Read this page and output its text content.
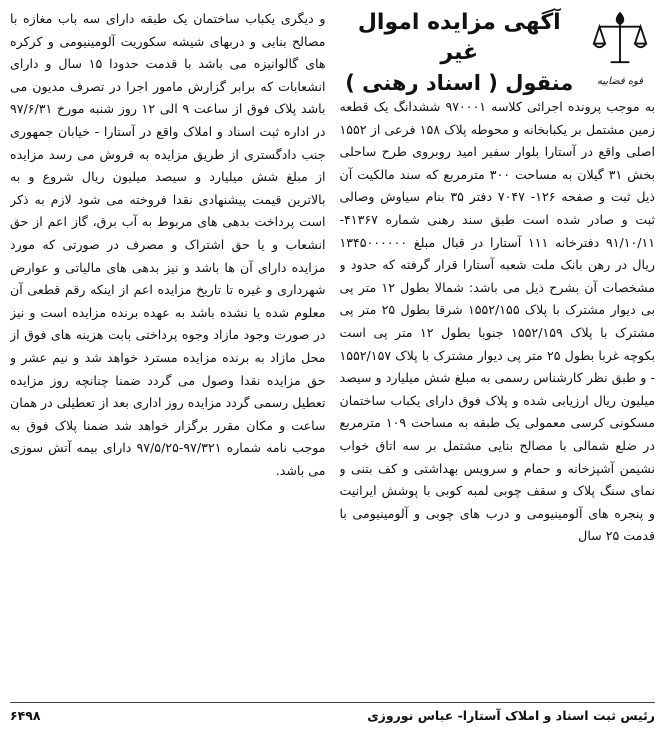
قوه قضاییه
آگهی مزایده اموال غیر
منقول ( اسناد رهنی )

به موجب پرونده اجرائی کلاسه ۹۷۰۰۰۱ ششدانگ یک قطعه زمین مشتمل بر یکبابخانه و محوطه پلاک ۱۵۸ فرعی از ۱۵۵۲ اصلی واقع در آستارا بلوار سفیر امید روبروی طرح ساحلی بخش ۳۱ گیلان به مساحت ۳۰۰ مترمربع که سند مالکیت آن ذیل ثبت و صفحه ۱۲۶- ۷۰۴۷ دفتر ۳۵ بنام سیاوش وصالی ثبت و صادر شده است طبق سند رهنی شماره ۴۱۳۶۷- ۹۱/۱۰/۱۱ دفترخانه ۱۱۱ آستارا در قبال مبلغ ۱۳۴۵۰۰۰۰۰۰ ریال در رهن بانک ملت شعبه آستارا قرار گرفته که حدود و مشخصات آن بشرح ذیل می باشد: شمالا بطول ۱۲ متر پی بی دیوار مشترک با پلاک ۱۵۵۲/۱۵۵ شرقا بطول ۲۵ متر پی مشترک با پلاک ۱۵۵۲/۱۵۹ جنوبا بطول ۱۲ متر پی است بکوچه غربا بطول ۲۵ متر پی دیوار مشترک با پلاک ۱۵۵۲/۱۵۷ - و طبق نظر کارشناس رسمی به مبلغ شش میلیارد و سیصد میلیون ریال ارزیابی شده و پلاک فوق دارای یکباب ساختمان مسکونی کرسی معمولی یک طبقه به مساحت ۱۰۹ مترمربع در ضلع شمالی با مصالح بنایی مشتمل بر سه اتاق خواب نشیمن آشپزخانه و حمام و سرویس بهداشتی و کف بتنی و نمای سنگ پلاک و سقف چوبی لمبه کوبی با پوشش ایرانیت و پنجره های آلومینیومی و درب های چوبی و آلومینیومی با قدمت ۲۵ سال

و دیگری یکباب ساختمان یک طبقه دارای سه باب مغازه با مصالح بنایی و دربهای شیشه سکوریت آلومینیومی و کرکره های گالوانیزه می باشد با قدمت حدودا ۱۵ سال و دارای انشعابات که برابر گزارش مامور اجرا در تصرف مدیون می باشد پلاک فوق از ساعت ۹ الی ۱۲ روز شنبه مورخ ۹۷/۶/۳۱ در اداره ثبت اسناد و املاک واقع در آستارا - خیابان جمهوری جنب دادگستری از طریق مزایده به فروش می رسد مزایده از مبلغ شش میلیارد و سیصد میلیون ریال شروع و به بالاترین قیمت پیشنهادی نقدا فروخته می شود لازم به ذکر است پرداخت بدهی های مربوط به آب برق، گاز اعم از حق انشعاب و یا حق اشتراک و مصرف در صورتی که مورد مزایده دارای آن ها باشد و نیز بدهی های مالیاتی و عوارض شهرداری و غیره تا تاریخ مزایده اعم از اینکه رقم قطعی آن معلوم شده یا نشده باشد به عهده برنده مزایده است و نیز در صورت وجود مازاد وجوه پرداختی بابت هزینه های فوق از محل مازاد به برنده مزایده مسترد خواهد شد و نیم عشر و حق مزایده نقدا وصول می گردد ضمنا چنانچه روز مزایده تعطیل رسمی گردد مزایده روز اداری بعد از تعطیلی در همان ساعت و مکان مقرر برگزار خواهد شد ضمنا پلاک فوق به موجب نامه شماره ۹۷/۳۲۱-۹۷/۵/۲۵ دارای بیمه آتش سوزی می باشد.

رئیس ثبت اسناد و املاک آستارا- عباس نوروزی
۶۴۹۸
